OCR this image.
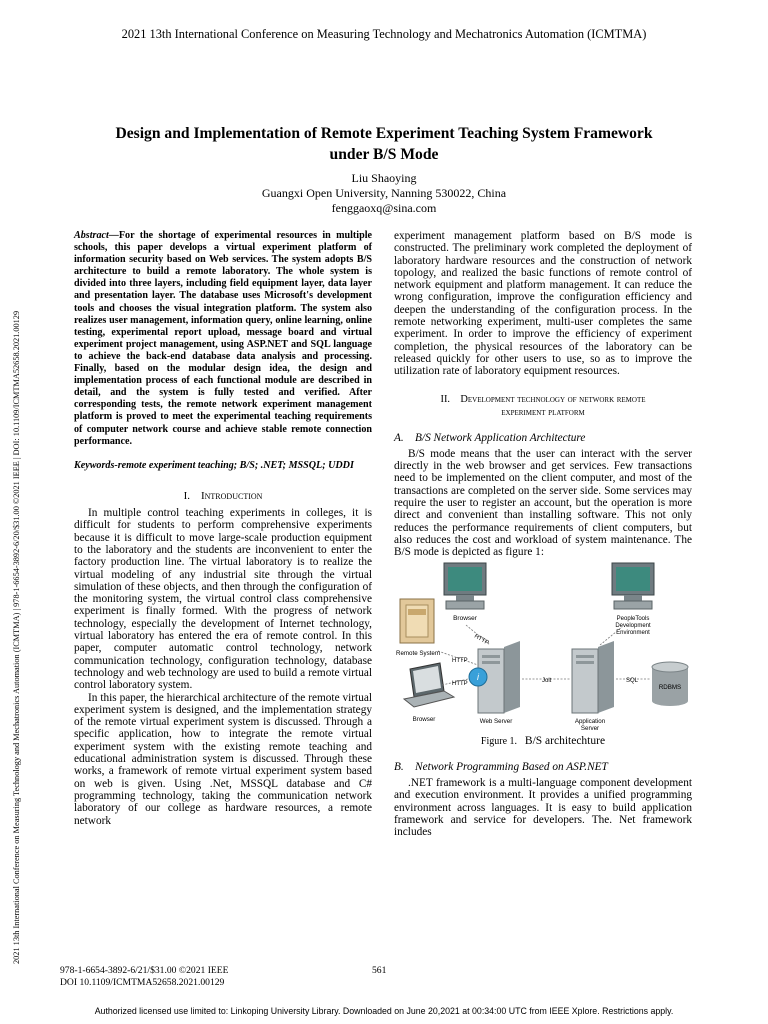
2021 13th International Conference on Measuring Technology and Mechatronics Automation (ICMTMA)
2021 13th International Conference on Measuring Technology and Mechatronics Automation (ICMTMA) | 978-1-6654-3892-6/20/$31.00 ©2021 IEEE | DOI: 10.1109/ICMTMA52658.2021.00129
Design and Implementation of Remote Experiment Teaching System Framework
under B/S Mode
Liu Shaoying
Guangxi Open University, Nanning 530022, China
fenggaoxq@sina.com

Abstract—For the shortage of experimental resources in multiple schools, this paper develops a virtual experiment platform of information security based on Web services. The system adopts B/S architecture to build a remote laboratory. The whole system is divided into three layers, including field equipment layer, data layer and presentation layer. The database uses Microsoft's development tools and chooses the visual integration platform. The system also realizes user management, information query, online learning, online testing, experimental report upload, message board and virtual experiment project management, using ASP.NET and SQL language to achieve the back-end database data analysis and processing. Finally, based on the modular design idea, the design and implementation process of each functional module are described in detail, and the system is fully tested and verified. After corresponding tests, the remote network experiment management platform is proved to meet the experimental teaching requirements of computer network course and achieve stable remote connection performance.

Keywords-remote experiment teaching; B/S; .NET; MSSQL; UDDI

I. Introduction

In multiple control teaching experiments in colleges, it is difficult for students to perform comprehensive experiments because it is difficult to move large-scale production equipment to the laboratory and the students are inconvenient to enter the factory production line. The virtual laboratory is to realize the virtual modeling of any industrial site through the virtual simulation of these objects, and then through the configuration of the monitoring system, the virtual control class comprehensive experiment is finally formed. With the progress of network technology, especially the development of Internet technology, virtual laboratory has entered the era of remote control. In this paper, computer automatic control technology, network communication technology, configuration technology, database technology and web technology are used to build a remote virtual control laboratory system.

In this paper, the hierarchical architecture of the remote virtual experiment system is designed, and the implementation strategy of the remote virtual experiment system is discussed. Through a specific application, how to integrate the remote virtual experiment system with the existing remote teaching and educational administration system is discussed. Through these works, a framework of remote virtual experiment system based on web is given. Using .Net, MSSQL database and C# programming technology, taking the communication network laboratory of our college as hardware resources, a remote network

experiment management platform based on B/S mode is constructed. The preliminary work completed the deployment of laboratory hardware resources and the construction of network topology, and realized the basic functions of remote control of network equipment and platform management. It can reduce the wrong configuration, improve the configuration efficiency and deepen the understanding of the configuration process. In the remote networking experiment, multi-user completes the same experiment. In order to improve the efficiency of experiment completion, the physical resources of the laboratory can be released quickly for other users to use, so as to improve the utilization rate of laboratory equipment resources.

II. Development technology of network remote
experiment platform
A. B/S Network Application Architecture

B/S mode means that the user can interact with the server directly in the web browser and get services. Few transactions need to be implemented on the client computer, and most of the transactions are completed on the server side. Some services may require the user to register an account, but the operation is more direct and convenient than installing software. This not only reduces the performance requirements of client computers, but also reduces the cost and workload of system maintenance. The B/S mode is depicted as figure 1:

Browser	PeopleTools
Development
Environment
Remote System
Browser
i
Web Server	Application
Server
RDBMS
HTTP
HTTP
HTTP	Jolt	SQL
Figure 1. B/S architechture
B. Network Programming Based on ASP.NET

.NET framework is a multi-language component development and execution environment. It provides a unified programming environment across languages. It is easy to build application framework and service for developers. The. Net framework includes

978-1-6654-3892-6/21/$31.00 ©2021 IEEE
DOI 10.1109/ICMTMA52658.2021.00129
561
Authorized licensed use limited to: Linkoping University Library. Downloaded on June 20,2021 at 00:34:00 UTC from IEEE Xplore. Restrictions apply.
